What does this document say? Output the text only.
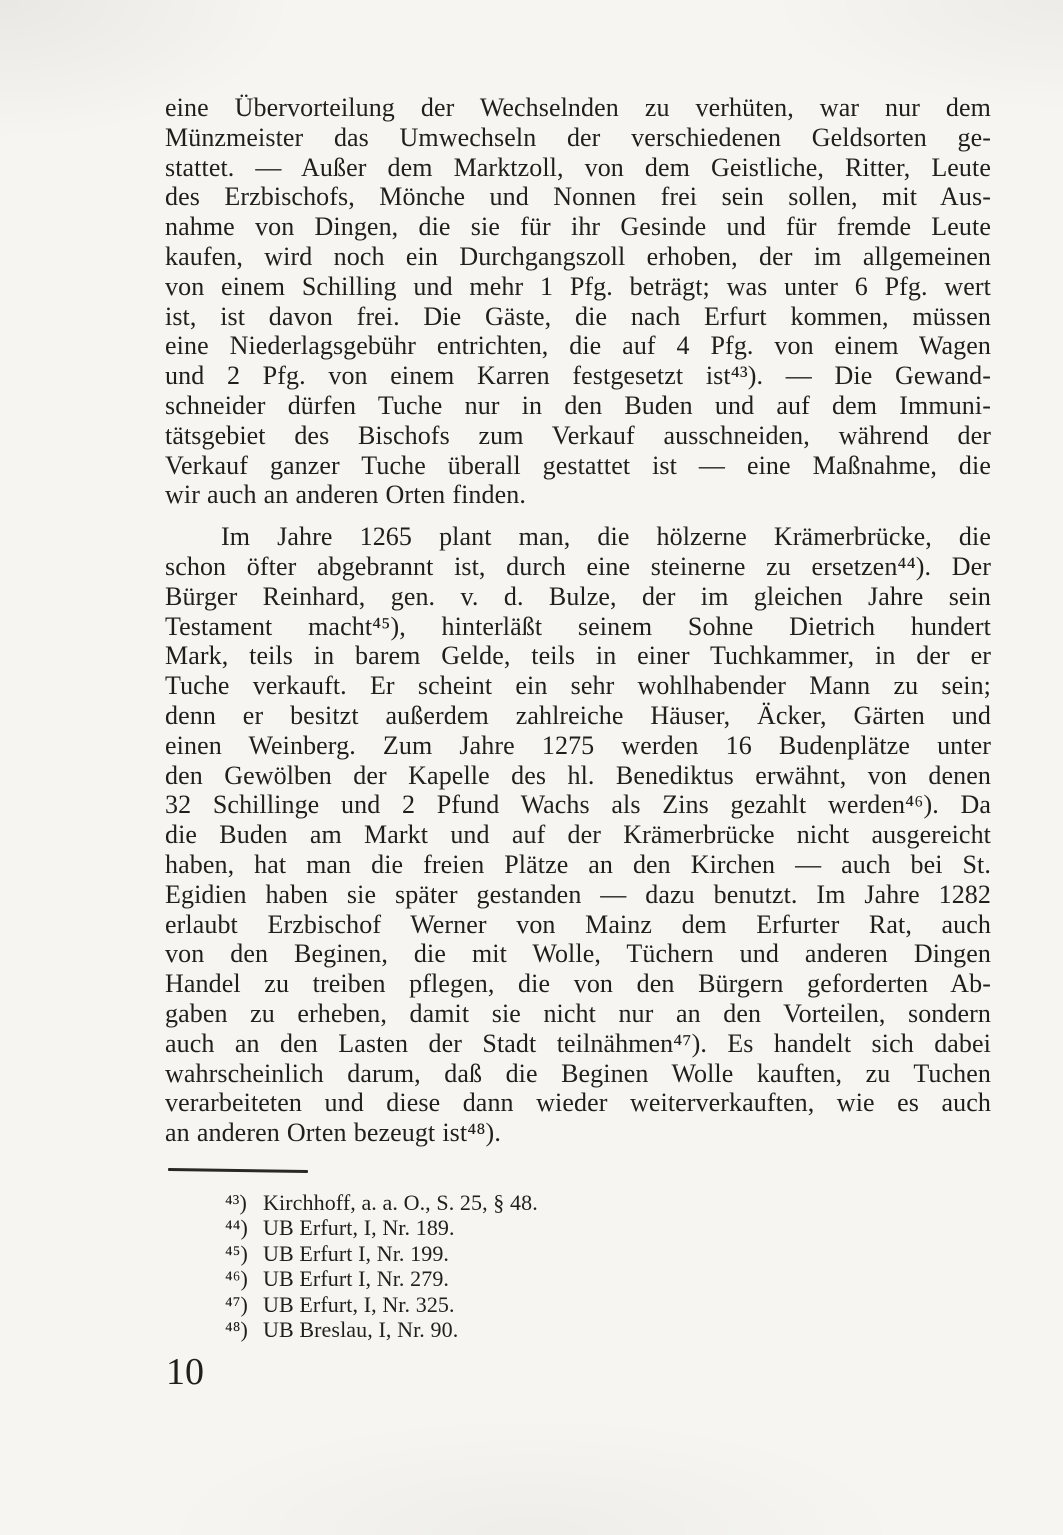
eine Übervorteilung der Wechselnden zu verhüten, war nur dem
Münzmeister das Umwechseln der verschiedenen Geldsorten ge-
stattet. — Außer dem Marktzoll, von dem Geistliche, Ritter, Leute
des Erzbischofs, Mönche und Nonnen frei sein sollen, mit Aus-
nahme von Dingen, die sie für ihr Gesinde und für fremde Leute
kaufen, wird noch ein Durchgangszoll erhoben, der im allgemeinen
von einem Schilling und mehr 1 Pfg. beträgt; was unter 6 Pfg. wert
ist, ist davon frei. Die Gäste, die nach Erfurt kommen, müssen
eine Niederlagsgebühr entrichten, die auf 4 Pfg. von einem Wagen
und 2 Pfg. von einem Karren festgesetzt ist⁴³). — Die Gewand-
schneider dürfen Tuche nur in den Buden und auf dem Immuni-
tätsgebiet des Bischofs zum Verkauf ausschneiden, während der
Verkauf ganzer Tuche überall gestattet ist — eine Maßnahme, die
wir auch an anderen Orten finden.
Im Jahre 1265 plant man, die hölzerne Krämerbrücke, die
schon öfter abgebrannt ist, durch eine steinerne zu ersetzen⁴⁴). Der
Bürger Reinhard, gen. v. d. Bulze, der im gleichen Jahre sein
Testament macht⁴⁵), hinterläßt seinem Sohne Dietrich hundert
Mark, teils in barem Gelde, teils in einer Tuchkammer, in der er
Tuche verkauft. Er scheint ein sehr wohlhabender Mann zu sein;
denn er besitzt außerdem zahlreiche Häuser, Äcker, Gärten und
einen Weinberg. Zum Jahre 1275 werden 16 Budenplätze unter
den Gewölben der Kapelle des hl. Benediktus erwähnt, von denen
32 Schillinge und 2 Pfund Wachs als Zins gezahlt werden⁴⁶). Da
die Buden am Markt und auf der Krämerbrücke nicht ausgereicht
haben, hat man die freien Plätze an den Kirchen — auch bei St.
Egidien haben sie später gestanden — dazu benutzt. Im Jahre 1282
erlaubt Erzbischof Werner von Mainz dem Erfurter Rat, auch
von den Beginen, die mit Wolle, Tüchern und anderen Dingen
Handel zu treiben pflegen, die von den Bürgern geforderten Ab-
gaben zu erheben, damit sie nicht nur an den Vorteilen, sondern
auch an den Lasten der Stadt teilnähmen⁴⁷). Es handelt sich dabei
wahrscheinlich darum, daß die Beginen Wolle kauften, zu Tuchen
verarbeiteten und diese dann wieder weiterverkauften, wie es auch
an anderen Orten bezeugt ist⁴⁸).
⁴³) Kirchhoff, a. a. O., S. 25, § 48.
⁴⁴) UB Erfurt, I, Nr. 189.
⁴⁵) UB Erfurt I, Nr. 199.
⁴⁶) UB Erfurt I, Nr. 279.
⁴⁷) UB Erfurt, I, Nr. 325.
⁴⁸) UB Breslau, I, Nr. 90.
10
